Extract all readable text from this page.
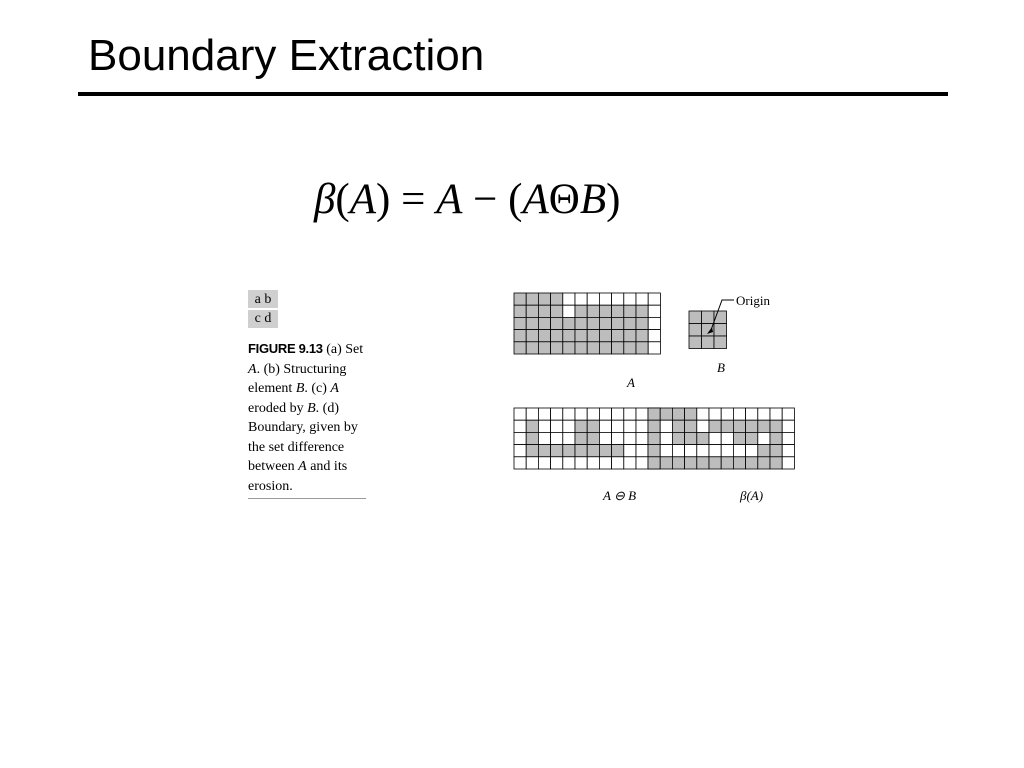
Boundary Extraction
β(A) = A − (AΘB)
a b
c d
FIGURE 9.13 (a) Set A. (b) Structuring element B. (c) A eroded by B. (d) Boundary, given by the set difference between A and its erosion.
A
B
Origin
A ⊖ B	β(A)
